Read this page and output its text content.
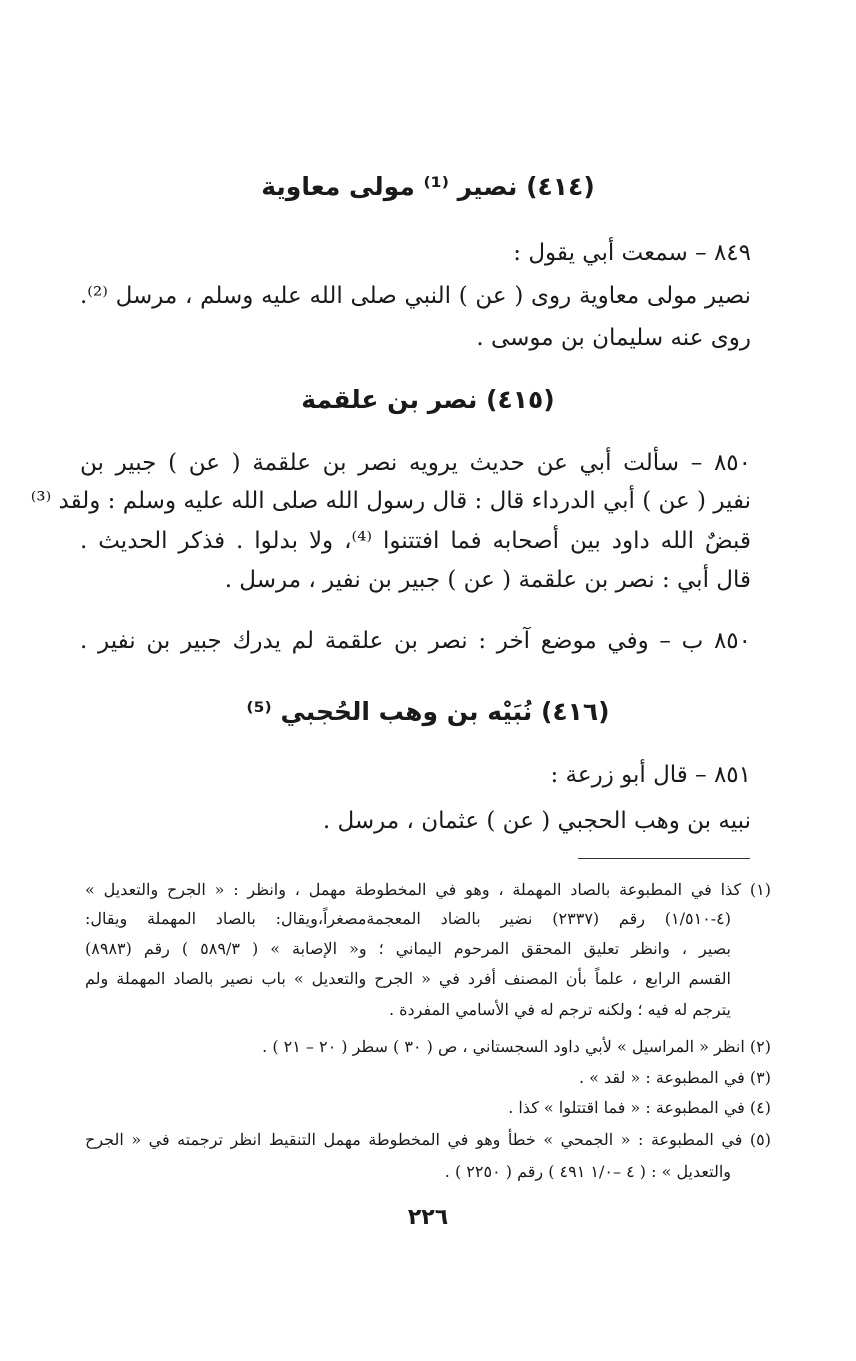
(٤١٤) نصير ⁽¹⁾ مولى معاوية
٨٤٩ – سمعت أبي يقول :
نصير مولى معاوية روى ( عن ) النبي صلى الله عليه وسلم ، مرسل ⁽²⁾.
روى عنه سليمان بن موسى .
(٤١٥) نصر بن علقمة
٨٥٠ – سألت أبي عن حديث يرويه نصر بن علقمة ( عن ) جبير بن
نفير ( عن ) أبي الدرداء قال : قال رسول الله صلى الله عليه وسلم : ولقد ⁽³⁾
قبضٌ الله داود بين أصحابه فما افتتنوا ⁽⁴⁾، ولا بدلوا . فذكر الحديث .
قال أبي : نصر بن علقمة ( عن ) جبير بن نفير ، مرسل .
٨٥٠ ب – وفي موضع آخر : نصر بن علقمة لم يدرك جبير بن نفير .
(٤١٦) نُبَيْه بن وهب الحُجبي ⁽⁵⁾
٨٥١ – قال أبو زرعة :
نبيه بن وهب الحجبي ( عن ) عثمان ، مرسل .
(١) كذا في المطبوعة بالصاد المهملة ، وهو في المخطوطة مهمل ، وانظر : « الجرح والتعديل »
(٤-١/٥١٠) رقم (٢٣٣٧) نضير بالضاد المعجمةمصغراً،ويقال: بالصاد المهملة ويقال:
بصير ، وانظر تعليق المحقق المرحوم اليماني ؛ و« الإصابة » ( ٥٨٩/٣ ) رقم (٨٩٨٣)
القسم الرابع ، علماً بأن المصنف أفرد في « الجرح والتعديل » باب نصير بالصاد المهملة ولم
يترجم له فيه ؛ ولكنه ترجم له في الأسامي المفردة .
(٢) انظر « المراسيل » لأبي داود السجستاني ، ص ( ٣٠ ) سطر ( ٢٠ – ٢١ ) .
(٣) في المطبوعة : « لقد » .
(٤) في المطبوعة : « فما اقتتلوا » كذا .
(٥) في المطبوعة : « الجمحي » خطأ وهو في المخطوطة مهمل التنقيط انظر ترجمته في « الجرح
والتعديل » : ( ٤ –١/٠ ٤٩١ ) رقم ( ٢٢٥٠ ) .
٢٢٦
